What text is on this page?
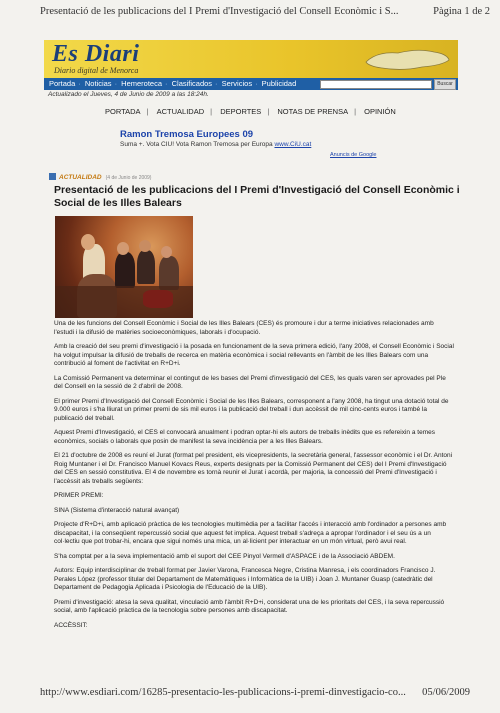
Presentació de les publicacions del I Premi d'Investigació del Consell Econòmic i S...	Pàgina 1 de 2
Es Diari
Diario digital de Menorca
Portada · Noticias · Hemeroteca · Clasificados · Servicios · Publicidad	Buscar
Actualizado el Jueves, 4 de Junio de 2009 a las 18:24h.
PORTADA | ACTUALIDAD | DEPORTES | NOTAS DE PRENSA | OPINIÓN
Ramon Tremosa Europees 09
Suma +. Vota CIU! Vota Ramon Tremosa per Europa www.CiU.cat
Anuncis de Google
ACTUALIDAD (4 de Junio de 2009)
Presentació de les publicacions del I Premi d'Investigació del Consell Econòmic i Social de les Illes Balears

Una de les funcions del Consell Econòmic i Social de les Illes Balears (CES) és promoure i dur a terme iniciatives relacionades amb l'estudi i la difusió de matèries socioeconòmiques, laborals i d'ocupació.

Amb la creació del seu premi d'investigació i la posada en funcionament de la seva primera edició, l'any 2008, el Consell Econòmic i Social ha volgut impulsar la difusió de treballs de recerca en matèria econòmica i social rellevants en l'àmbit de les Illes Balears com una contribució al foment de l'activitat en R+D+i.

La Comissió Permanent va determinar el contingut de les bases del Premi d'investigació del CES, les quals varen ser aprovades pel Ple del Consell en la sessió de 2 d'abril de 2008.

El primer Premi d'Investigació del Consell Econòmic i Social de les Illes Balears, corresponent a l'any 2008, ha tingut una dotació total de 9.000 euros i s'ha lliurat un primer premi de sis mil euros i la publicació del treball i dun accèssit de mil cinc-cents euros i també la publicació del treball.

Aquest Premi d'Investigació, el CES el convocarà anualment i podran optar-hi els autors de treballs inèdits que es refereixin a temes econòmics, socials o laborals que posin de manifest la seva incidència per a les Illes Balears.

El 21 d'octubre de 2008 es reuní el Jurat (format pel president, els vicepresidents, la secretària general, l'assessor econòmic i el Dr. Antoni Roig Muntaner i el Dr. Francisco Manuel Kovacs Reus, experts designats per la Comissió Permanent del CES) del I Premi d'Investigació del CES en sessió constitutiva. El 4 de novembre es tornà reunir el Jurat i acordà, per majoria, la concessió del Premi d'Investigació i l'accèssit als treballs següents:

PRIMER PREMI:

SINA (Sistema d'interacció natural avançat)

Projecte d'R+D+i, amb aplicació pràctica de les tecnologies multimèdia per a facilitar l'accés i interacció amb l'ordinador a persones amb discapacitat, i la conseqüent repercussió social que aquest fet implica. Aquest treball s'adreça a apropar l'ordinador i el seu ús a un col·lectiu que pot trobar-hi, encara que sigui només una mica, un al·licient per interactuar en un món virtual, però avui real.

S'ha comptat per a la seva implementació amb el suport del CEE Pinyol Vermell d'ASPACE i de la Associació ABDEM.

Autors: Equip interdisciplinar de treball format per Javier Varona, Francesca Negre, Cristina Manresa, i els coordinadors Francisco J. Perales López (professor titular del Departament de Matemàtiques i Informàtica de la UIB) i Joan J. Muntaner Guasp (catedràtic del Departament de Pedagogia Aplicada i Psicologia de l'Educació de la UIB).

Premi d'investigació: atesa la seva qualitat, vinculació amb l'àmbit R+D+i, considerat una de les prioritats del CES, i la seva repercussió social, amb l'aplicació pràctica de la tecnologia sobre persones amb discapacitat.

ACCÈSSIT:

http://www.esdiari.com/16285-presentacio-les-publicacions-i-premi-dinvestigacio-co... 05/06/2009
